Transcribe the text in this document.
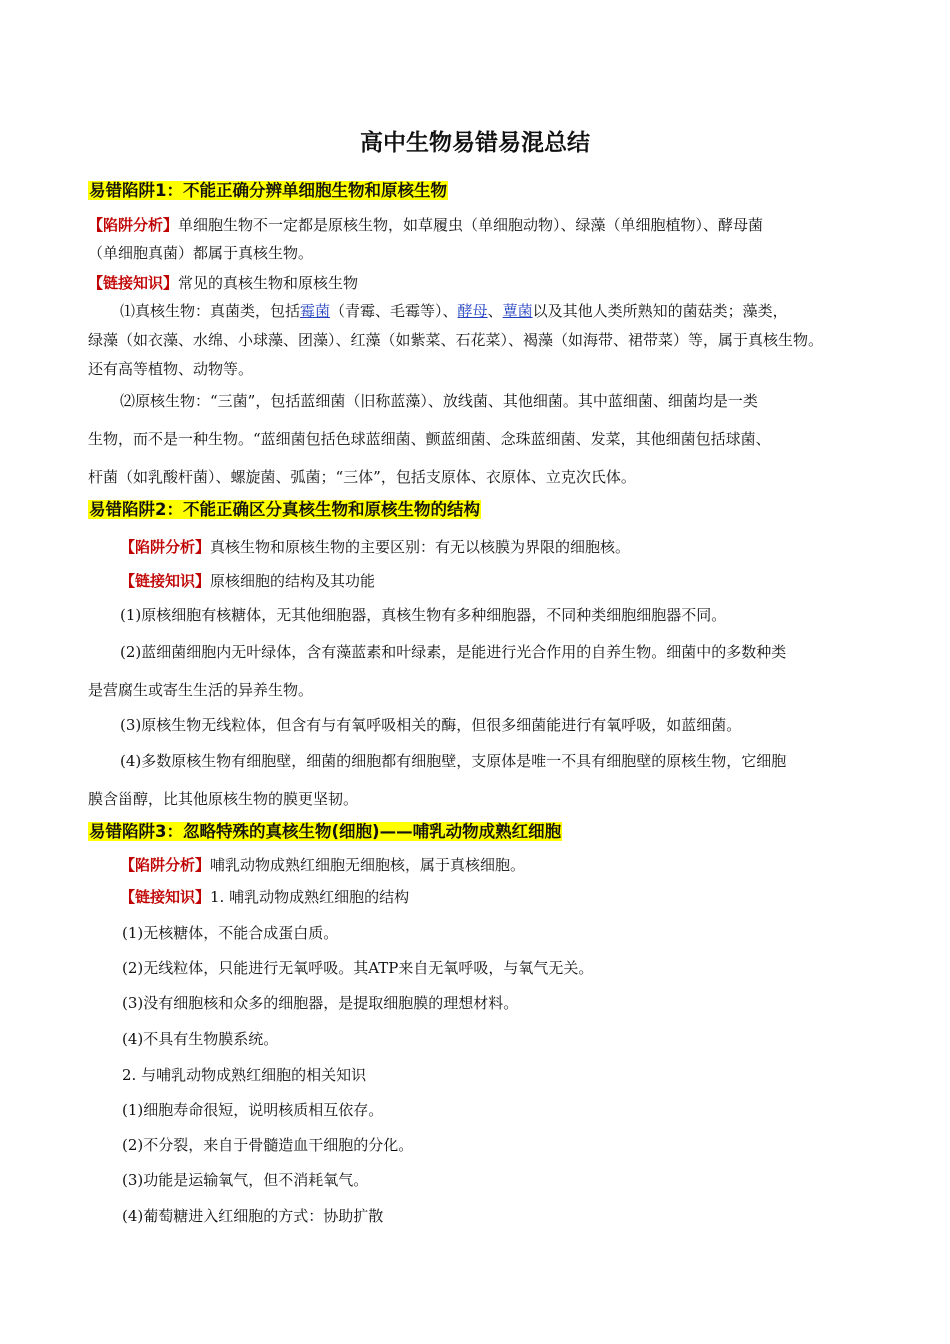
高中生物易错易混总结
易错陷阱1：不能正确分辨单细胞生物和原核生物
【陷阱分析】单细胞生物不一定都是原核生物，如草履虫（单细胞动物）、绿藻（单细胞植物）、酵母菌
（单细胞真菌）都属于真核生物。
【链接知识】常见的真核生物和原核生物
⑴真核生物：真菌类，包括霉菌（青霉、毛霉等）、酵母、蕈菌以及其他人类所熟知的菌菇类；藻类，
绿藻（如衣藻、水绵、小球藻、团藻）、红藻（如紫菜、石花菜）、褐藻（如海带、裙带菜）等，属于真核生物。
还有高等植物、动物等。
⑵原核生物：“三菌”，包括蓝细菌（旧称蓝藻）、放线菌、其他细菌。其中蓝细菌、细菌均是一类
生物，而不是一种生物。“蓝细菌包括色球蓝细菌、颤蓝细菌、念珠蓝细菌、发菜，其他细菌包括球菌、
杆菌（如乳酸杆菌）、螺旋菌、弧菌；“三体”，包括支原体、衣原体、立克次氏体。
易错陷阱2：不能正确区分真核生物和原核生物的结构
【陷阱分析】真核生物和原核生物的主要区别：有无以核膜为界限的细胞核。
【链接知识】原核细胞的结构及其功能
(1)原核细胞有核糖体，无其他细胞器，真核生物有多种细胞器，不同种类细胞细胞器不同。
(2)蓝细菌细胞内无叶绿体，含有藻蓝素和叶绿素，是能进行光合作用的自养生物。细菌中的多数种类
是营腐生或寄生生活的异养生物。
(3)原核生物无线粒体，但含有与有氧呼吸相关的酶，但很多细菌能进行有氧呼吸，如蓝细菌。
(4)多数原核生物有细胞壁，细菌的细胞都有细胞壁，支原体是唯一不具有细胞壁的原核生物，它细胞
膜含甾醇，比其他原核生物的膜更坚韧。
易错陷阱3：忽略特殊的真核生物(细胞)——哺乳动物成熟红细胞
【陷阱分析】哺乳动物成熟红细胞无细胞核，属于真核细胞。
【链接知识】1. 哺乳动物成熟红细胞的结构
(1)无核糖体，不能合成蛋白质。
(2)无线粒体，只能进行无氧呼吸。其ATP来自无氧呼吸，与氧气无关。
(3)没有细胞核和众多的细胞器，是提取细胞膜的理想材料。
(4)不具有生物膜系统。
2. 与哺乳动物成熟红细胞的相关知识
(1)细胞寿命很短，说明核质相互依存。
(2)不分裂，来自于骨髓造血干细胞的分化。
(3)功能是运输氧气，但不消耗氧气。
(4)葡萄糖进入红细胞的方式：协助扩散
